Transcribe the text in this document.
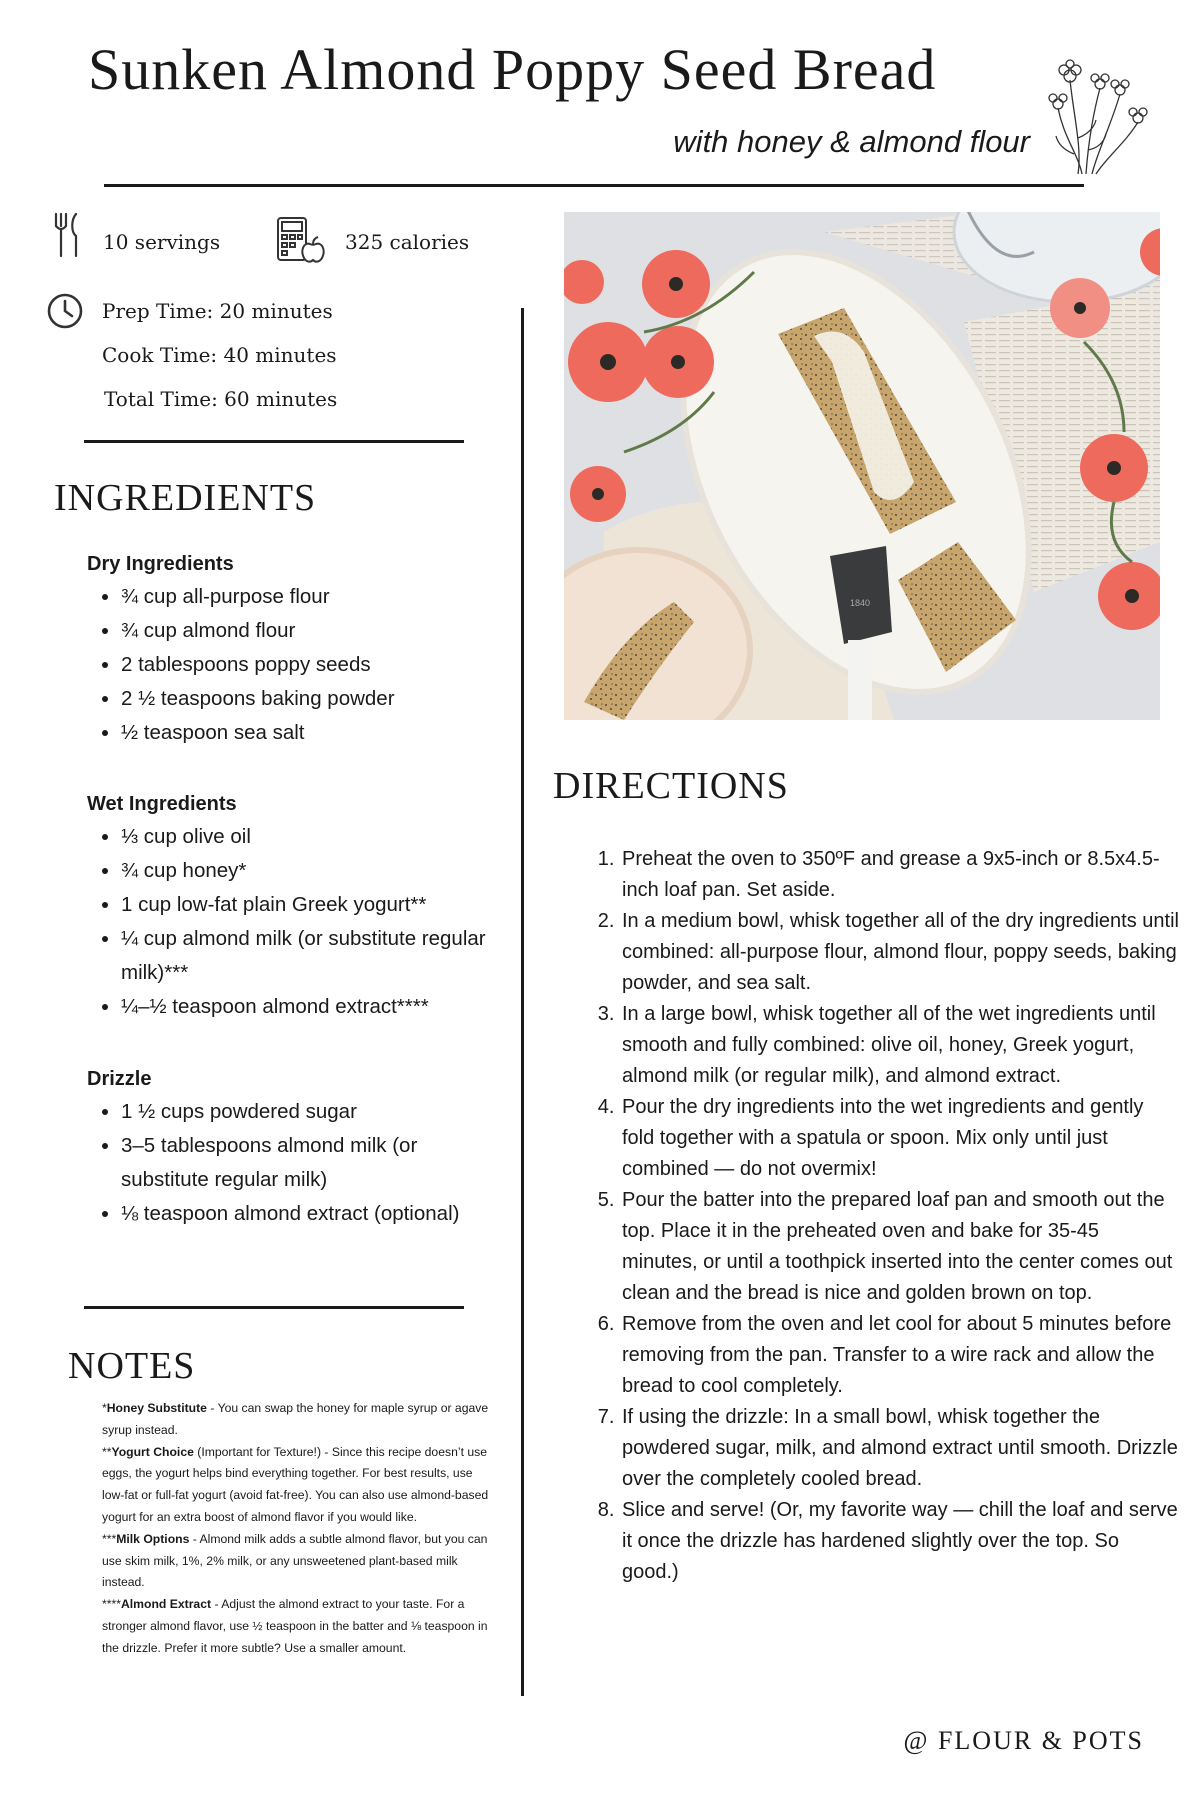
Sunken Almond Poppy Seed Bread
with honey & almond flour
10 servings	325 calories
Prep Time: 20 minutes
Cook Time: 40 minutes
Total Time: 60 minutes
INGREDIENTS
Dry Ingredients
• ¾ cup all-purpose flour
• ¾ cup almond flour
• 2 tablespoons poppy seeds
• 2 ½ teaspoons baking powder
• ½ teaspoon sea salt
Wet Ingredients
• ⅓ cup olive oil
• ¾ cup honey*
• 1 cup low-fat plain Greek yogurt**
• ¼ cup almond milk (or substitute regular milk)***
• ¼–½ teaspoon almond extract****
Drizzle
• 1 ½ cups powdered sugar
• 3–5 tablespoons almond milk (or substitute regular milk)
• ⅛ teaspoon almond extract (optional)
NOTES

*Honey Substitute - You can swap the honey for maple syrup or agave syrup instead.

**Yogurt Choice (Important for Texture!) - Since this recipe doesn’t use eggs, the yogurt helps bind everything together. For best results, use low-fat or full-fat yogurt (avoid fat-free). You can also use almond-based yogurt for an extra boost of almond flavor if you would like.

***Milk Options - Almond milk adds a subtle almond flavor, but you can use skim milk, 1%, 2% milk, or any unsweetened plant-based milk instead.

****Almond Extract - Adjust the almond extract to your taste. For a stronger almond flavor, use ½ teaspoon in the batter and ⅛ teaspoon in the drizzle. Prefer it more subtle? Use a smaller amount.

1840
DIRECTIONS
1. Preheat the oven to 350ºF and grease a 9x5-inch or 8.5x4.5-inch loaf pan. Set aside.
2. In a medium bowl, whisk together all of the dry ingredients until combined: all-purpose flour, almond flour, poppy seeds, baking powder, and sea salt.
3. In a large bowl, whisk together all of the wet ingredients until smooth and fully combined: olive oil, honey, Greek yogurt, almond milk (or regular milk), and almond extract.
4. Pour the dry ingredients into the wet ingredients and gently fold together with a spatula or spoon. Mix only until just combined — do not overmix!
5. Pour the batter into the prepared loaf pan and smooth out the top. Place it in the preheated oven and bake for 35-45 minutes, or until a toothpick inserted into the center comes out clean and the bread is nice and golden brown on top.
6. Remove from the oven and let cool for about 5 minutes before removing from the pan. Transfer to a wire rack and allow the bread to cool completely.
7. If using the drizzle: In a small bowl, whisk together the powdered sugar, milk, and almond extract until smooth. Drizzle over the completely cooled bread.
8. Slice and serve! (Or, my favorite way — chill the loaf and serve it once the drizzle has hardened slightly over the top. So good.)
@ FLOUR & POTS
